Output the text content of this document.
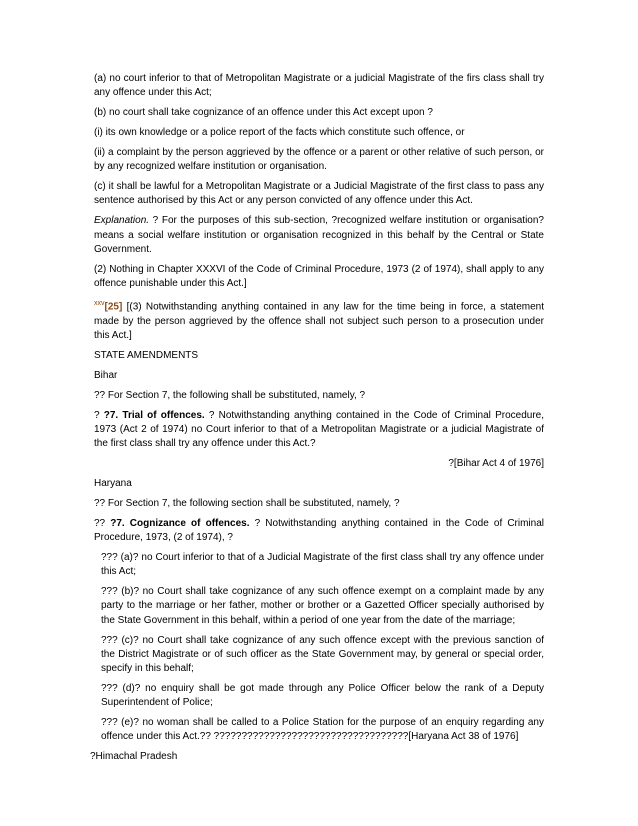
(a) no court inferior to that of Metropolitan Magistrate or a judicial Magistrate of the firs class shall try any offence under this Act;

(b) no court shall take cognizance of an offence under this Act except upon ?

(i) its own knowledge or a police report of the facts which constitute such offence, or

(ii) a complaint by the person aggrieved by the offence or a parent or other relative of such person, or by any recognized welfare institution or organisation.

(c) it shall be lawful for a Metropolitan Magistrate or a Judicial Magistrate of the first class to pass any sentence authorised by this Act or any person convicted of any offence under this Act.

Explanation. ? For the purposes of this sub-section, ?recognized welfare institution or organisation? means a social welfare institution or organisation recognized in this behalf by the Central or State Government.

(2) Nothing in Chapter XXXVI of the Code of Criminal Procedure, 1973 (2 of 1974), shall apply to any offence punishable under this Act.]

$^{xxv}$[25] [(3) Notwithstanding anything contained in any law for the time being in force, a statement made by the person aggrieved by the offence shall not subject such person to a prosecution under this Act.]

STATE AMENDMENTS

Bihar

?? For Section 7, the following shall be substituted, namely, ?

? ?7. Trial of offences. ? Notwithstanding anything contained in the Code of Criminal Procedure, 1973 (Act 2 of 1974) no Court inferior to that of a Metropolitan Magistrate or a judicial Magistrate of the first class shall try any offence under this Act.?

?[Bihar Act 4 of 1976]

Haryana

?? For Section 7, the following section shall be substituted, namely, ?

?? ?7. Cognizance of offences. ? Notwithstanding anything contained in the Code of Criminal Procedure, 1973, (2 of 1974), ?

??? (a)? no Court inferior to that of a Judicial Magistrate of the first class shall try any offence under this Act;

??? (b)? no Court shall take cognizance of any such offence exempt on a complaint made by any party to the marriage or her father, mother or brother or a Gazetted Officer specially authorised by the State Government in this behalf, within a period of one year from the date of the marriage;

??? (c)? no Court shall take cognizance of any such offence except with the previous sanction of the District Magistrate or of such officer as the State Government may, by general or special order, specify in this behalf;

??? (d)? no enquiry shall be got made through any Police Officer below the rank of a Deputy Superintendent of Police;

??? (e)? no woman shall be called to a Police Station for the purpose of an enquiry regarding any offence under this Act.?? ???????????????????????????????????[Haryana Act 38 of 1976]

?Himachal Pradesh
